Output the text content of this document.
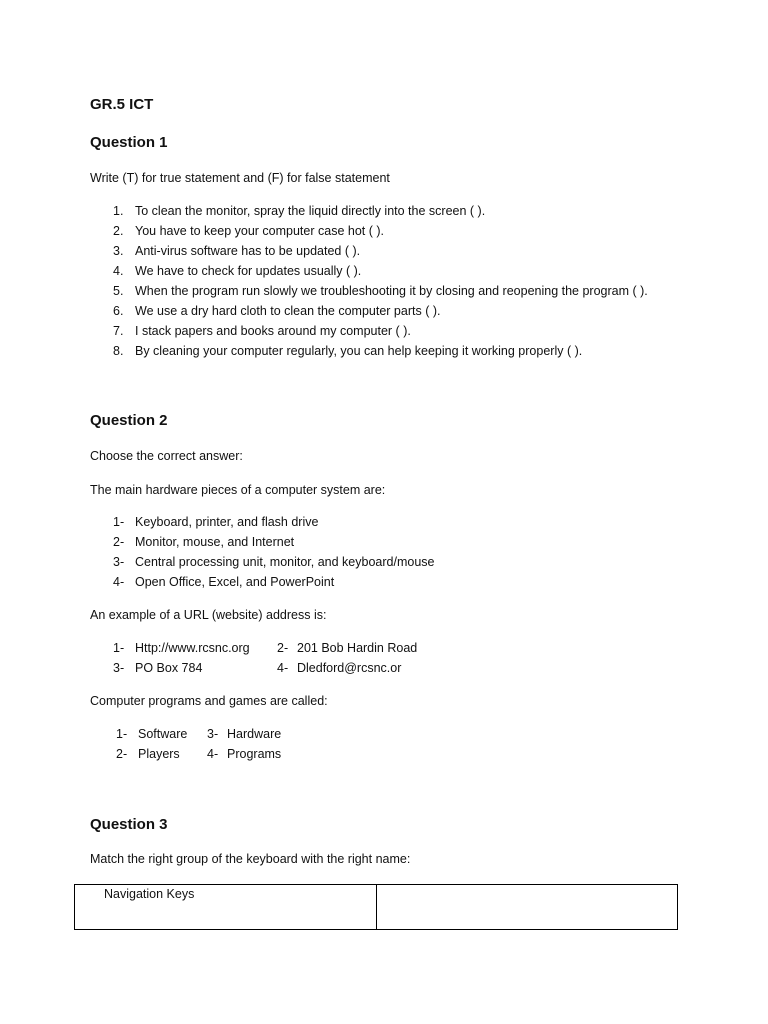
GR.5 ICT
Question 1
Write (T) for true statement and (F) for false statement
1. To clean the monitor, spray the liquid directly into the screen ( ).
2. You have to keep your computer case hot ( ).
3. Anti-virus software has to be updated ( ).
4. We have to check for updates usually ( ).
5. When the program run slowly we troubleshooting it by closing and reopening the program ( ).
6. We use a dry hard cloth to clean the computer parts ( ).
7. I stack papers and books around my computer ( ).
8. By cleaning your computer regularly, you can help keeping it working properly ( ).
Question 2
Choose the correct answer:
The main hardware pieces of a computer system are:
1- Keyboard, printer, and flash drive
2- Monitor, mouse, and Internet
3- Central processing unit, monitor, and keyboard/mouse
4- Open Office, Excel, and PowerPoint
An example of a URL (website) address is:
1- Http://www.rcsnc.org 2- 201 Bob Hardin Road
3- PO Box 784	4- Dledford@rcsnc.or
Computer programs and games are called:
1- Software 3- Hardware
2- Players 4- Programs
Question 3
Match the right group of the keyboard with the right name:
Navigation Keys	
